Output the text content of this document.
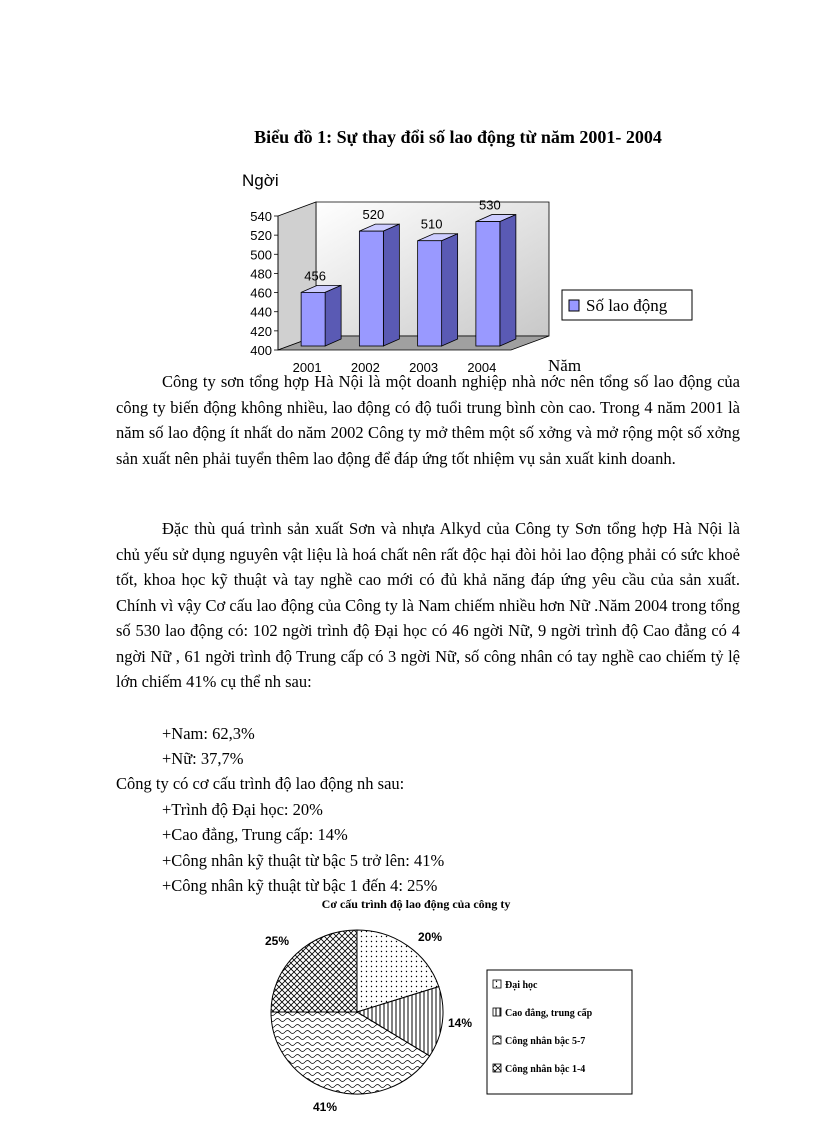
Biểu đồ 1: Sự thay đổi số lao động từ năm 2001- 2004
400
420
440
460
480
500
520
540
456
520
510
530
2001 2002 2003 2004
Ngời
Năm
Số lao động
Công ty sơn tổng hợp Hà Nội là một doanh nghiệp nhà nớc nên tổng số lao động của công ty biến động không nhiều, lao động có độ tuổi trung bình còn cao. Trong 4 năm 2001 là năm số lao động ít nhất do năm 2002 Công ty mở thêm một số xởng và mở rộng một số xởng sản xuất nên phải tuyển thêm lao động để đáp ứng tốt nhiệm vụ sản xuất kinh doanh.
Đặc thù quá trình sản xuất Sơn và nhựa Alkyd của Công ty Sơn tổng hợp Hà Nội là chủ yếu sử dụng nguyên vật liệu là hoá chất nên rất độc hại đòi hỏi lao động phải có sức khoẻ tốt, khoa học kỹ thuật và tay nghề cao mới có đủ khả năng đáp ứng yêu cầu của sản xuất. Chính vì vậy Cơ cấu lao động của Công ty là Nam chiếm nhiều hơn Nữ .Năm 2004 trong tổng số 530 lao động có: 102 ngời trình độ Đại học có 46 ngời Nữ, 9 ngời trình độ Cao đẳng có 4 ngời Nữ , 61 ngời trình độ Trung cấp có 3 ngời Nữ, số công nhân có tay nghề cao chiếm tỷ lệ lớn chiếm 41% cụ thể nh sau:
+Nam: 62,3%
+Nữ: 37,7%
Công ty có cơ cấu trình độ lao động nh sau:
+Trình độ Đại học: 20%
+Cao đẳng, Trung cấp: 14%
+Công nhân kỹ thuật từ bậc 5 trở lên: 41%
+Công nhân kỹ thuật từ bậc 1 đến 4: 25%
Cơ cấu trình độ lao động của công ty
20%
14%
41%
25%
Đại học
Cao đẳng, trung cấp
Công nhân bậc 5-7
Công nhân bậc 1-4
